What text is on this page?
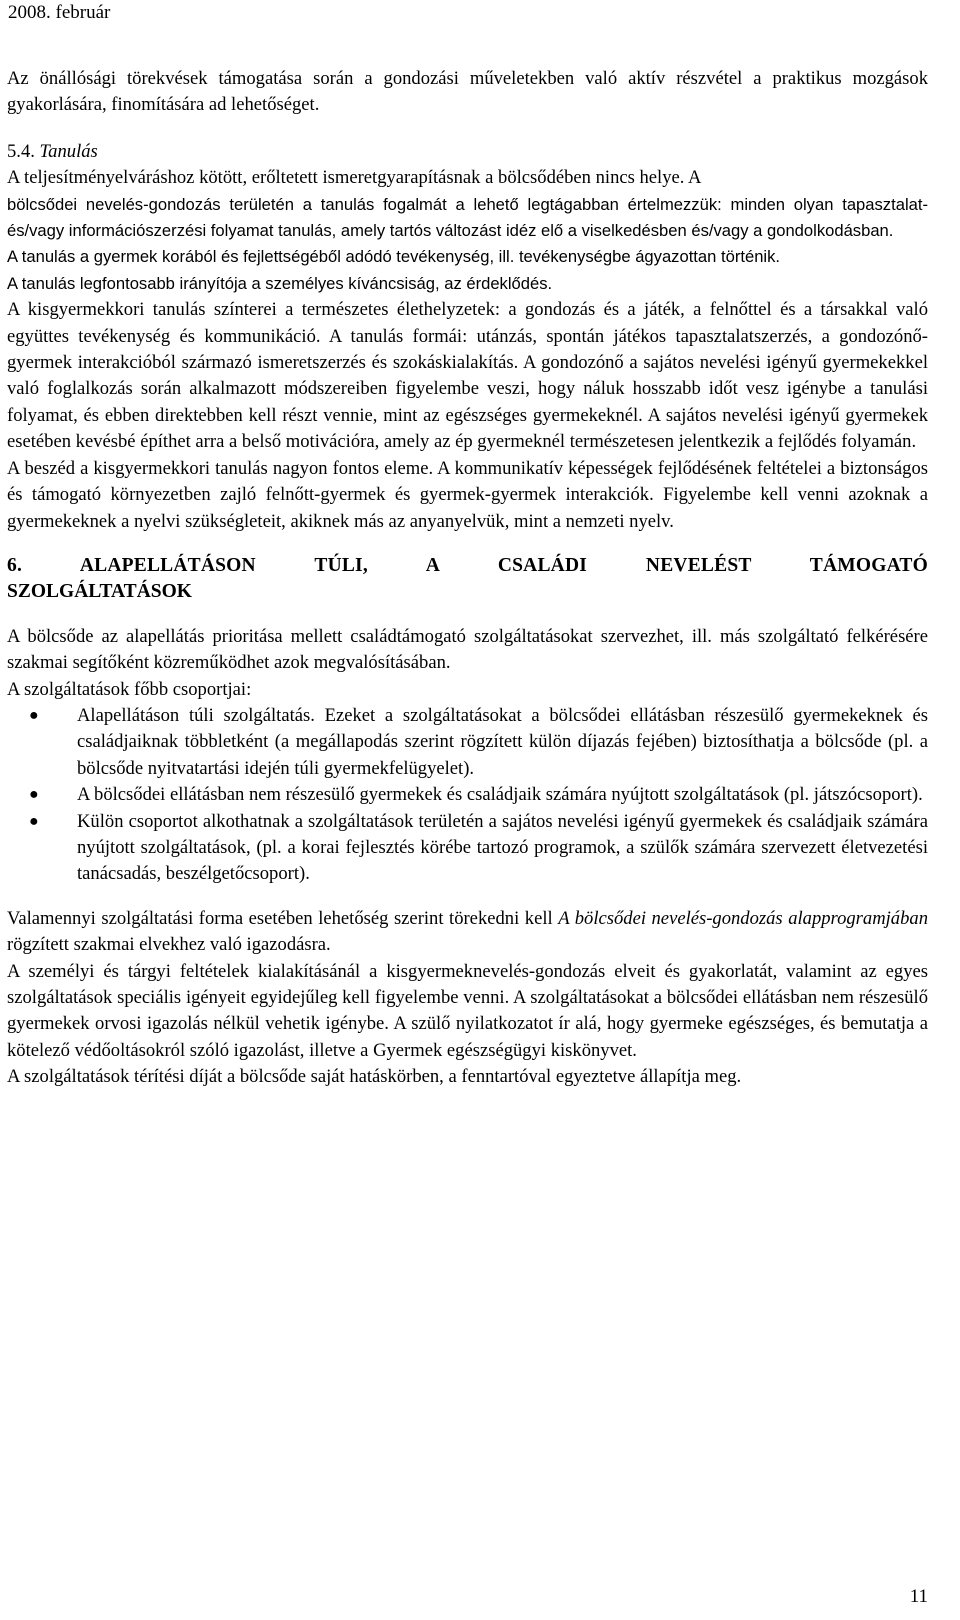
2008. február

Az önállósági törekvések támogatása során a gondozási műveletekben való aktív részvétel a praktikus mozgások gyakorlására, finomítására ad lehetőséget.

5.4. Tanulás

A teljesítményelváráshoz kötött, erőltetett ismeretgyarapításnak a bölcsődében nincs helye. A

bölcsődei nevelés-gondozás területén a tanulás fogalmát a lehető legtágabban értelmezzük: minden olyan tapasztalat- és/vagy információszerzési folyamat tanulás, amely tartós változást idéz elő a viselkedésben és/vagy a gondolkodásban.

A tanulás a gyermek korából és fejlettségéből adódó tevékenység, ill. tevékenységbe ágyazottan történik.

A tanulás legfontosabb irányítója a személyes kíváncsiság, az érdeklődés.

A kisgyermekkori tanulás színterei a természetes élethelyzetek: a gondozás és a játék, a felnőttel és a társakkal való együttes tevékenység és kommunikáció. A tanulás formái: utánzás, spontán játékos tapasztalatszerzés, a gondozónő-gyermek interakcióból származó ismeretszerzés és szokáskialakítás. A gondozónő a sajátos nevelési igényű gyermekekkel való foglalkozás során alkalmazott módszereiben figyelembe veszi, hogy náluk hosszabb időt vesz igénybe a tanulási folyamat, és ebben direktebben kell részt vennie, mint az egészséges gyermekeknél. A sajátos nevelési igényű gyermekek esetében kevésbé építhet arra a belső motivációra, amely az ép gyermeknél természetesen jelentkezik a fejlődés folyamán.

A beszéd a kisgyermekkori tanulás nagyon fontos eleme. A kommunikatív képességek fejlődésének feltételei a biztonságos és támogató környezetben zajló felnőtt-gyermek és gyermek-gyermek interakciók. Figyelembe kell venni azoknak a gyermekeknek a nyelvi szükségleteit, akiknek más az anyanyelvük, mint a nemzeti nyelv.

6. ALAPELLÁTÁSON TÚLI, A CSALÁDI NEVELÉST TÁMOGATÓ

SZOLGÁLTATÁSOK

A bölcsőde az alapellátás prioritása mellett családtámogató szolgáltatásokat szervezhet, ill. más szolgáltató felkérésére szakmai segítőként közreműködhet azok megvalósításában.

A szolgáltatások főbb csoportjai:

● Alapellátáson túli szolgáltatás. Ezeket a szolgáltatásokat a bölcsődei ellátásban részesülő gyermekeknek és családjaiknak többletként (a megállapodás szerint rögzített külön díjazás fejében) biztosíthatja a bölcsőde (pl. a bölcsőde nyitvatartási idején túli gyermekfelügyelet).
● A bölcsődei ellátásban nem részesülő gyermekek és családjaik számára nyújtott szolgáltatások (pl. játszócsoport).
● Külön csoportot alkothatnak a szolgáltatások területén a sajátos nevelési igényű gyermekek és családjaik számára nyújtott szolgáltatások, (pl. a korai fejlesztés körébe tartozó programok, a szülők számára szervezett életvezetési tanácsadás, beszélgetőcsoport).

Valamennyi szolgáltatási forma esetében lehetőség szerint törekedni kell A bölcsődei nevelés-gondozás alapprogramjában rögzített szakmai elvekhez való igazodásra.

A személyi és tárgyi feltételek kialakításánál a kisgyermeknevelés-gondozás elveit és gyakorlatát, valamint az egyes szolgáltatások speciális igényeit egyidejűleg kell figyelembe venni. A szolgáltatásokat a bölcsődei ellátásban nem részesülő gyermekek orvosi igazolás nélkül vehetik igénybe. A szülő nyilatkozatot ír alá, hogy gyermeke egészséges, és bemutatja a kötelező védőoltásokról szóló igazolást, illetve a Gyermek egészségügyi kiskönyvet.

A szolgáltatások térítési díját a bölcsőde saját hatáskörben, a fenntartóval egyeztetve állapítja meg.

11
